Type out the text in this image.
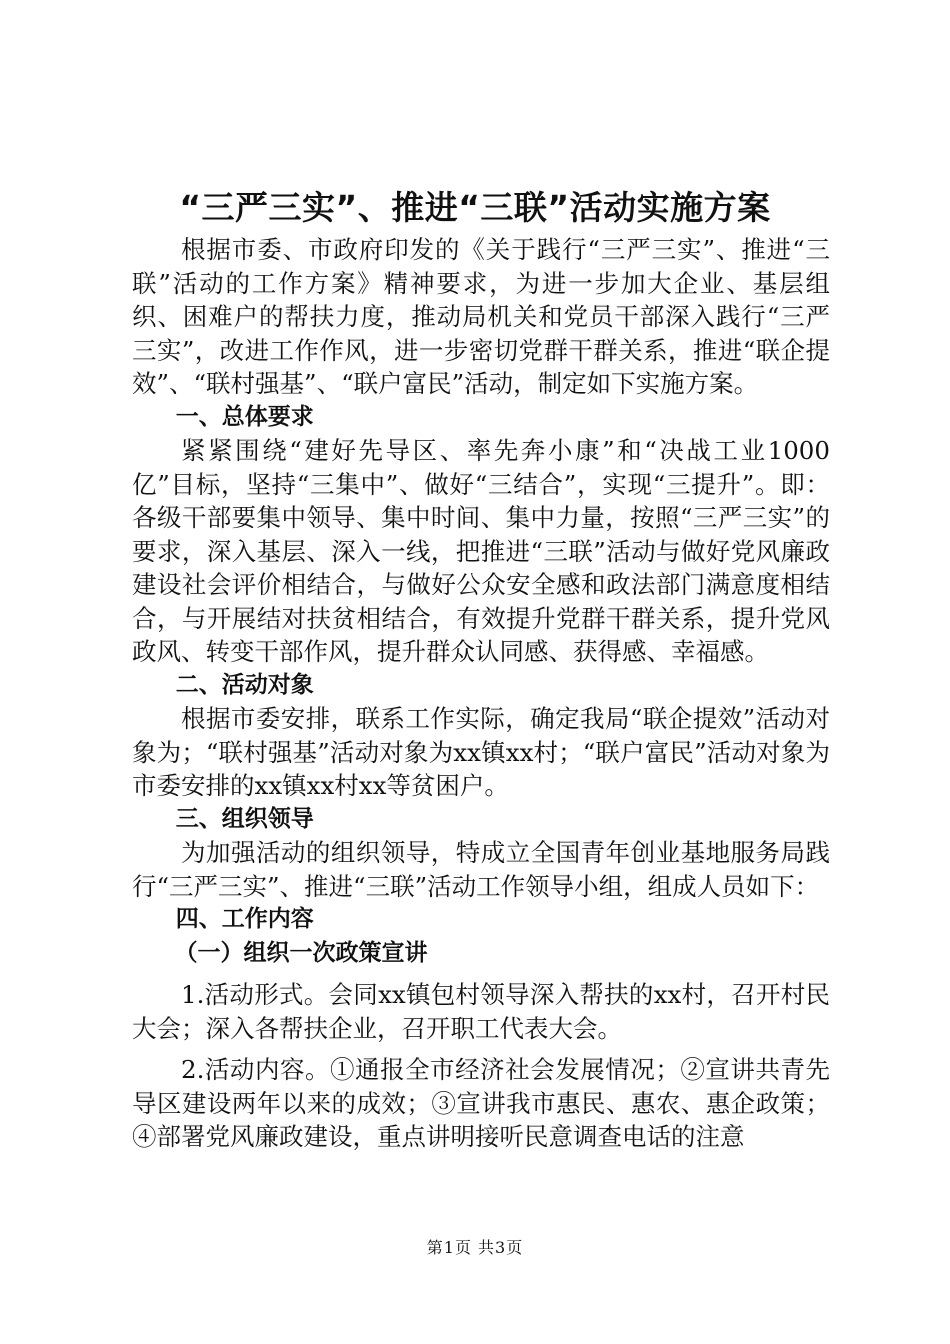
“三严三实”、推进“三联”活动实施方案

根据市委、市政府印发的《关于践行“三严三实”、推进“三联”活动的工作方案》精神要求，为进一步加大企业、基层组织、困难户的帮扶力度，推动局机关和党员干部深入践行“三严三实”，改进工作作风，进一步密切党群干群关系，推进“联企提效”、“联村强基”、“联户富民”活动，制定如下实施方案。

一、总体要求

紧紧围绕“建好先导区、率先奔小康”和“决战工业1000亿”目标，坚持“三集中”、做好“三结合”，实现“三提升”。即：各级干部要集中领导、集中时间、集中力量，按照“三严三实”的要求，深入基层、深入一线，把推进“三联”活动与做好党风廉政建设社会评价相结合，与做好公众安全感和政法部门满意度相结合，与开展结对扶贫相结合，有效提升党群干群关系，提升党风政风、转变干部作风，提升群众认同感、获得感、幸福感。

二、活动对象

根据市委安排，联系工作实际，确定我局“联企提效”活动对象为；“联村强基”活动对象为xx镇xx村；“联户富民”活动对象为市委安排的xx镇xx村xx等贫困户。

三、组织领导

为加强活动的组织领导，特成立全国青年创业基地服务局践行“三严三实”、推进“三联”活动工作领导小组，组成人员如下：

四、工作内容

（一）组织一次政策宣讲

1.活动形式。会同xx镇包村领导深入帮扶的xx村，召开村民大会；深入各帮扶企业，召开职工代表大会。

2.活动内容。①通报全市经济社会发展情况；②宣讲共青先导区建设两年以来的成效；③宣讲我市惠民、惠农、惠企政策；④部署党风廉政建设，重点讲明接听民意调查电话的注意

第1页 共3页
